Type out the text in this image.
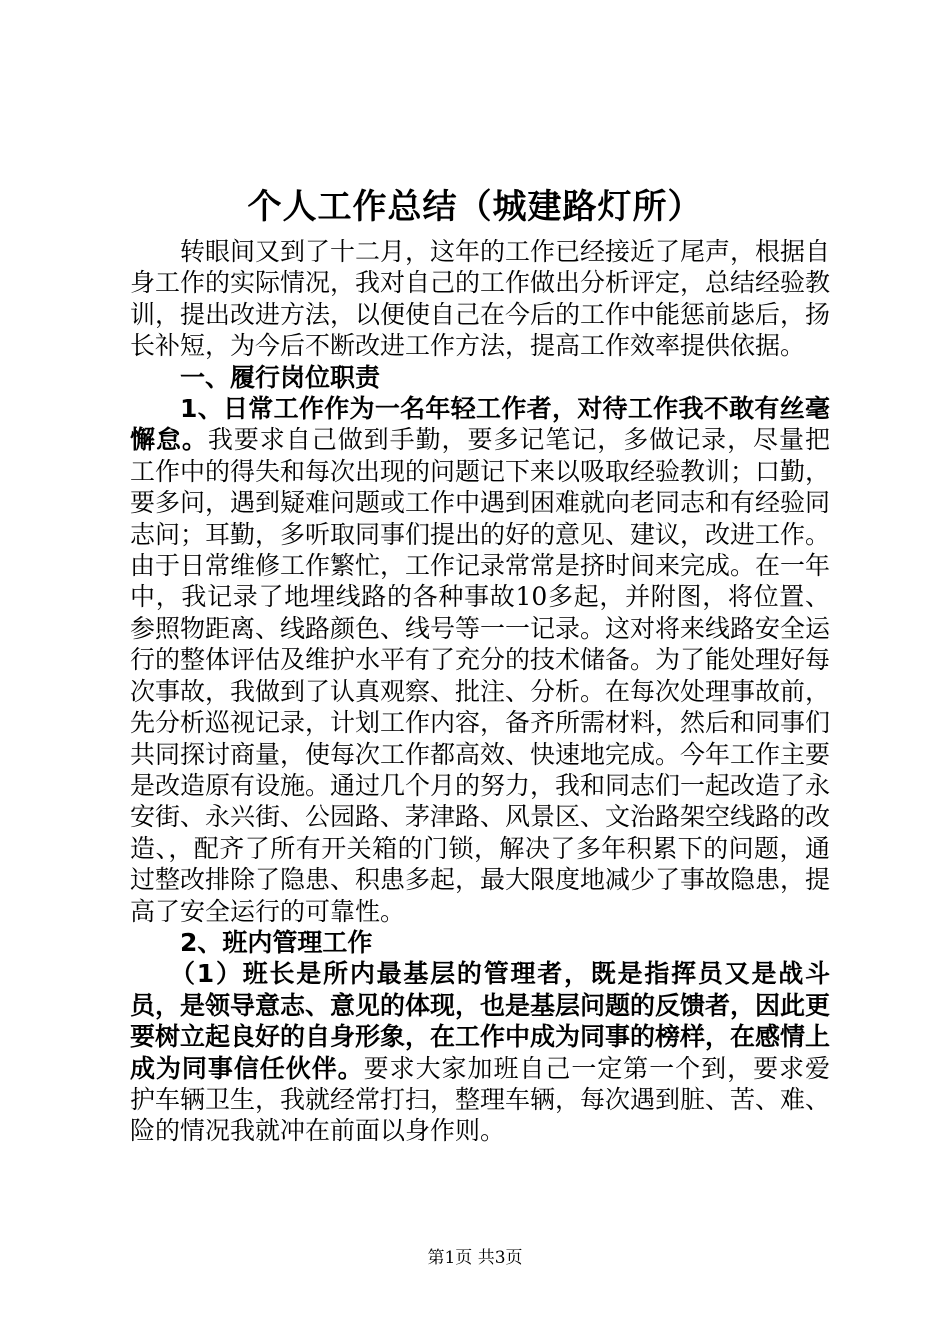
个人工作总结（城建路灯所）

转眼间又到了十二月，这年的工作已经接近了尾声，根据自身工作的实际情况，我对自己的工作做出分析评定，总结经验教训，提出改进方法，以便使自己在今后的工作中能惩前毖后，扬长补短，为今后不断改进工作方法，提高工作效率提供依据。

一、履行岗位职责

1、日常工作作为一名年轻工作者，对待工作我不敢有丝毫懈怠。我要求自己做到手勤，要多记笔记，多做记录，尽量把工作中的得失和每次出现的问题记下来以吸取经验教训；口勤，要多问，遇到疑难问题或工作中遇到困难就向老同志和有经验同志问；耳勤，多听取同事们提出的好的意见、建议，改进工作。由于日常维修工作繁忙，工作记录常常是挤时间来完成。在一年中，我记录了地埋线路的各种事故10多起，并附图，将位置、参照物距离、线路颜色、线号等一一记录。这对将来线路安全运行的整体评估及维护水平有了充分的技术储备。为了能处理好每次事故，我做到了认真观察、批注、分析。在每次处理事故前，先分析巡视记录，计划工作内容，备齐所需材料，然后和同事们共同探讨商量，使每次工作都高效、快速地完成。今年工作主要是改造原有设施。通过几个月的努力，我和同志们一起改造了永安街、永兴街、公园路、茅津路、风景区、文治路架空线路的改造、，配齐了所有开关箱的门锁，解决了多年积累下的问题，通过整改排除了隐患、积患多起，最大限度地减少了事故隐患，提高了安全运行的可靠性。

2、班内管理工作

（1）班长是所内最基层的管理者，既是指挥员又是战斗员，是领导意志、意见的体现，也是基层问题的反馈者，因此更要树立起良好的自身形象，在工作中成为同事的榜样，在感情上成为同事信任伙伴。要求大家加班自己一定第一个到，要求爱护车辆卫生，我就经常打扫，整理车辆，每次遇到脏、苦、难、险的情况我就冲在前面以身作则。

第1页 共3页
